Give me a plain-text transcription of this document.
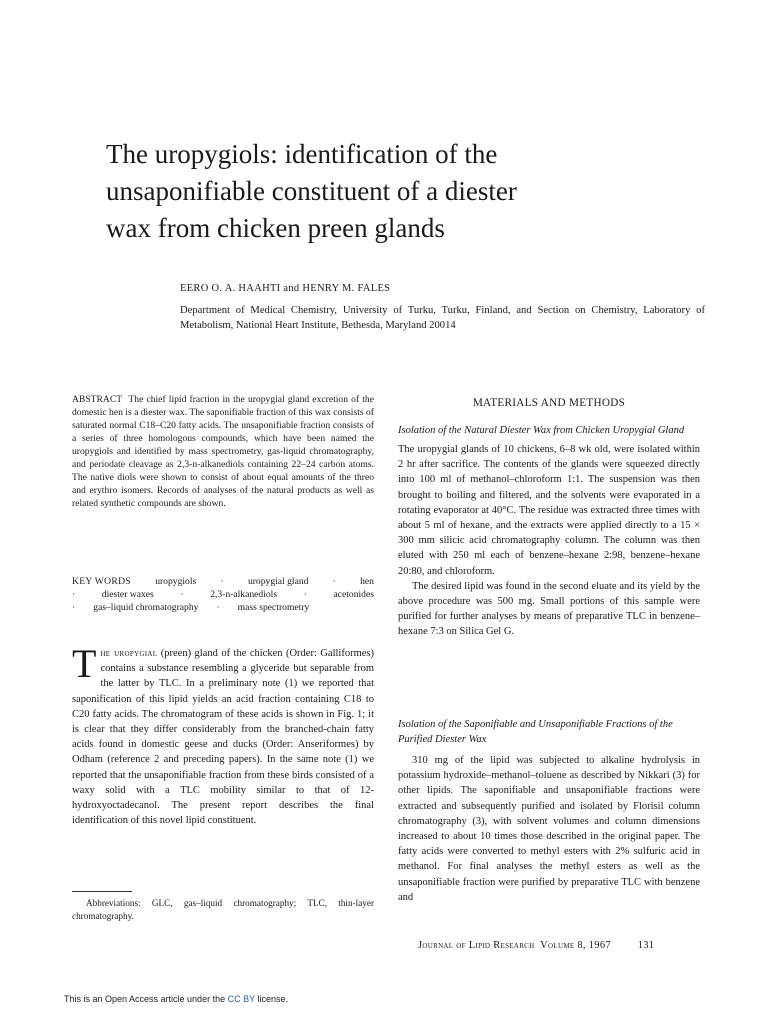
The uropygiols: identification of the
unsaponifiable constituent of a diester
wax from chicken preen glands
EERO O. A. HAAHTI and HENRY M. FALES
Department of Medical Chemistry, University of Turku, Turku, Finland, and Section on Chemistry, Laboratory of Metabolism, National Heart Institute, Bethesda, Maryland 20014

ABSTRACT The chief lipid fraction in the uropygial gland excretion of the domestic hen is a diester wax. The saponifiable fraction of this wax consists of saturated normal C18–C20 fatty acids. The unsaponifiable fraction consists of a series of three homologous compounds, which have been named the uropygiols and identified by mass spectrometry, gas-liquid chromatography, and periodate cleavage as 2,3-n-alkanediols containing 22–24 carbon atoms. The native diols were shown to consist of about equal amounts of the threo and erythro isomers. Records of analyses of the natural products as well as related synthetic compounds are shown.

KEY WORDS	uropygiols	·	uropygial gland	·	hen
·	diester waxes	·	2,3-n-alkanediols	·	acetonides
· gas–liquid chromatography · mass spectrometry
T he uropygial (preen) gland of the chicken (Order: Galliformes) contains a substance resembling a glyceride but separable from the latter by TLC. In a preliminary note (1) we reported that saponification of this lipid yields an acid fraction containing C18 to C20 fatty acids. The chromatogram of these acids is shown in Fig. 1; it is clear that they differ considerably from the branched-chain fatty acids found in domestic geese and ducks (Order: Anseriformes) by Odham (reference 2 and preceding papers). In the same note (1) we reported that the unsaponifiable fraction from these birds consisted of a waxy solid with a TLC mobility similar to that of 12-hydroxyoctadecanol. The present report describes the final identification of this novel lipid constituent.

Abbreviations: GLC, gas–liquid chromatography; TLC, thin-layer chromatography.

MATERIALS AND METHODS
Isolation of the Natural Diester Wax from Chicken Uropygial Gland

The uropygial glands of 10 chickens, 6–8 wk old, were isolated within 2 hr after sacrifice. The contents of the glands were squeezed directly into 100 ml of methanol–chloroform 1:1. The suspension was then brought to boiling and filtered, and the solvents were evaporated in a rotating evaporator at 40°C. The residue was extracted three times with about 5 ml of hexane, and the extracts were applied directly to a 15 × 300 mm silicic acid chromatography column. The column was then eluted with 250 ml each of benzene–hexane 2:98, benzene–hexane 20:80, and chloroform.

The desired lipid was found in the second eluate and its yield by the above procedure was 500 mg. Small portions of this sample were purified for further analyses by means of preparative TLC in benzene–hexane 7:3 on Silica Gel G.

Isolation of the Saponifiable and Unsaponifiable Fractions of the Purified Diester Wax

310 mg of the lipid was subjected to alkaline hydrolysis in potassium hydroxide–methanol–toluene as described by Nikkari (3) for other lipids. The saponifiable and unsaponifiable fractions were extracted and subsequently purified and isolated by Florisil column chromatography (3), with solvent volumes and column dimensions increased to about 10 times those described in the original paper. The fatty acids were converted to methyl esters with 2% sulfuric acid in methanol. For final analyses the methyl esters as well as the unsaponifiable fraction were purified by preparative TLC with benzene and

Journal of Lipid Research Volume 8, 1967	131
This is an Open Access article under the CC BY license.
